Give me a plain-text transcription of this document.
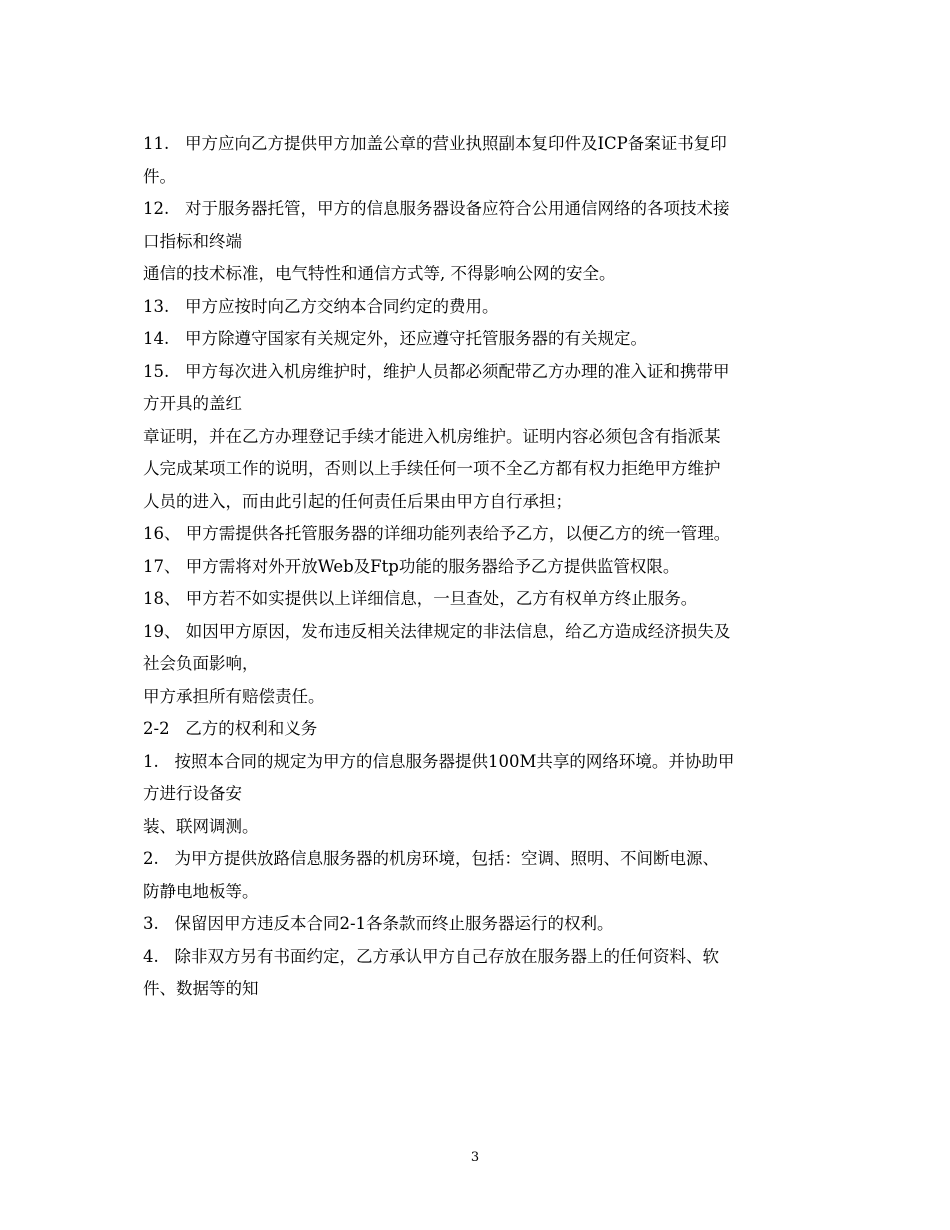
11.   甲方应向乙方提供甲方加盖公章的营业执照副本复印件及ICP备案证书复印
件。
12.   对于服务器托管，甲方的信息服务器设备应符合公用通信网络的各项技术接
口指标和终端
通信的技术标准，电气特性和通信方式等, 不得影响公网的安全。
13.   甲方应按时向乙方交纳本合同约定的费用。
14.   甲方除遵守国家有关规定外，还应遵守托管服务器的有关规定。
15.   甲方每次进入机房维护时，维护人员都必须配带乙方办理的准入证和携带甲
方开具的盖红
章证明，并在乙方办理登记手续才能进入机房维护。证明内容必须包含有指派某
人完成某项工作的说明，否则以上手续任何一项不全乙方都有权力拒绝甲方维护
人员的进入，而由此引起的任何责任后果由甲方自行承担；
16、 甲方需提供各托管服务器的详细功能列表给予乙方，以便乙方的统一管理。
17、 甲方需将对外开放Web及Ftp功能的服务器给予乙方提供监管权限。
18、 甲方若不如实提供以上详细信息，一旦查处，乙方有权单方终止服务。
19、 如因甲方原因，发布违反相关法律规定的非法信息，给乙方造成经济损失及
社会负面影响，
甲方承担所有赔偿责任。
2-2   乙方的权利和义务
1.   按照本合同的规定为甲方的信息服务器提供100M共享的网络环境。并协助甲
方进行设备安
装、联网调测。
2.   为甲方提供放路信息服务器的机房环境，包括：空调、照明、不间断电源、
防静电地板等。
3.   保留因甲方违反本合同2-1各条款而终止服务器运行的权利。
4.   除非双方另有书面约定，乙方承认甲方自己存放在服务器上的任何资料、软
件、数据等的知
3
